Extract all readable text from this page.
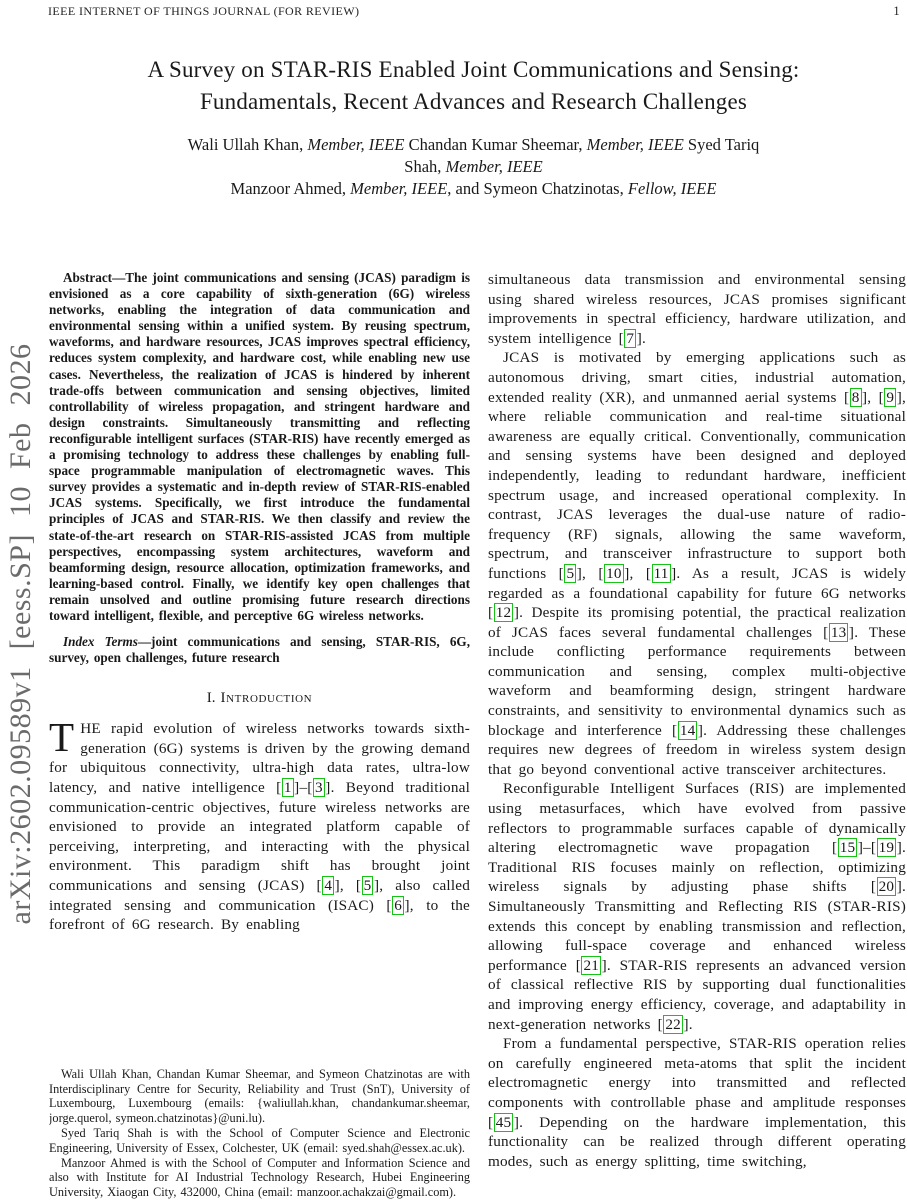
IEEE INTERNET OF THINGS JOURNAL (FOR REVIEW)	1
arXiv:2602.09589v1 [eess.SP] 10 Feb 2026
A Survey on STAR-RIS Enabled Joint Communications and Sensing:
Fundamentals, Recent Advances and Research Challenges
Wali Ullah Khan, Member, IEEE Chandan Kumar Sheemar, Member, IEEE Syed Tariq
Shah, Member, IEEE
Manzoor Ahmed, Member, IEEE, and Symeon Chatzinotas, Fellow, IEEE

Abstract—The joint communications and sensing (JCAS) paradigm is envisioned as a core capability of sixth-generation (6G) wireless networks, enabling the integration of data communication and environmental sensing within a unified system. By reusing spectrum, waveforms, and hardware resources, JCAS improves spectral efficiency, reduces system complexity, and hardware cost, while enabling new use cases. Nevertheless, the realization of JCAS is hindered by inherent trade-offs between communication and sensing objectives, limited controllability of wireless propagation, and stringent hardware and design constraints. Simultaneously transmitting and reflecting reconfigurable intelligent surfaces (STAR-RIS) have recently emerged as a promising technology to address these challenges by enabling full-space programmable manipulation of electromagnetic waves. This survey provides a systematic and in-depth review of STAR-RIS-enabled JCAS systems. Specifically, we first introduce the fundamental principles of JCAS and STAR-RIS. We then classify and review the state-of-the-art research on STAR-RIS-assisted JCAS from multiple perspectives, encompassing system architectures, waveform and beamforming design, resource allocation, optimization frameworks, and learning-based control. Finally, we identify key open challenges that remain unsolved and outline promising future research directions toward intelligent, flexible, and perceptive 6G wireless networks.

Index Terms—joint communications and sensing, STAR-RIS, 6G, survey, open challenges, future research

I. Introduction

THE rapid evolution of wireless networks towards sixth-generation (6G) systems is driven by the growing demand for ubiquitous connectivity, ultra-high data rates, ultra-low latency, and native intelligence [ 1 ]–[ 3 ]. Beyond traditional communication-centric objectives, future wireless networks are envisioned to provide an integrated platform capable of perceiving, interpreting, and interacting with the physical environment. This paradigm shift has brought joint communications and sensing (JCAS) [ 4 ], [ 5 ], also called integrated sensing and communication (ISAC) [ 6 ], to the forefront of 6G research. By enabling

Wali Ullah Khan, Chandan Kumar Sheemar, and Symeon Chatzinotas are with Interdisciplinary Centre for Security, Reliability and Trust (SnT), University of Luxembourg, Luxembourg (emails: {waliullah.khan, chandankumar.sheemar, jorge.querol, symeon.chatzinotas}@uni.lu).

Syed Tariq Shah is with the School of Computer Science and Electronic Engineering, University of Essex, Colchester, UK (email: syed.shah@essex.ac.uk).

Manzoor Ahmed is with the School of Computer and Information Science and also with Institute for AI Industrial Technology Research, Hubei Engineering University, Xiaogan City, 432000, China (email: manzoor.achakzai@gmail.com).

simultaneous data transmission and environmental sensing using shared wireless resources, JCAS promises significant improvements in spectral efficiency, hardware utilization, and system intelligence [ 7 ].

JCAS is motivated by emerging applications such as autonomous driving, smart cities, industrial automation, extended reality (XR), and unmanned aerial systems [ 8 ], [ 9 ], where reliable communication and real-time situational awareness are equally critical. Conventionally, communication and sensing systems have been designed and deployed independently, leading to redundant hardware, inefficient spectrum usage, and increased operational complexity. In contrast, JCAS leverages the dual-use nature of radio-frequency (RF) signals, allowing the same waveform, spectrum, and transceiver infrastructure to support both functions [ 5 ], [ 10 ], [ 11 ]. As a result, JCAS is widely regarded as a foundational capability for future 6G networks [ 12 ]. Despite its promising potential, the practical realization of JCAS faces several fundamental challenges [ 13 ]. These include conflicting performance requirements between communication and sensing, complex multi-objective waveform and beamforming design, stringent hardware constraints, and sensitivity to environmental dynamics such as blockage and interference [ 14 ]. Addressing these challenges requires new degrees of freedom in wireless system design that go beyond conventional active transceiver architectures.

Reconfigurable Intelligent Surfaces (RIS) are implemented using metasurfaces, which have evolved from passive reflectors to programmable surfaces capable of dynamically altering electromagnetic wave propagation [ 15 ]–[ 19 ]. Traditional RIS focuses mainly on reflection, optimizing wireless signals by adjusting phase shifts [ 20 ]. Simultaneously Transmitting and Reflecting RIS (STAR-RIS) extends this concept by enabling transmission and reflection, allowing full-space coverage and enhanced wireless performance [ 21 ]. STAR-RIS represents an advanced version of classical reflective RIS by supporting dual functionalities and improving energy efficiency, coverage, and adaptability in next-generation networks [ 22 ].

From a fundamental perspective, STAR-RIS operation relies on carefully engineered meta-atoms that split the incident electromagnetic energy into transmitted and reflected components with controllable phase and amplitude responses [ 45 ]. Depending on the hardware implementation, this functionality can be realized through different operating modes, such as energy splitting, time switching,
